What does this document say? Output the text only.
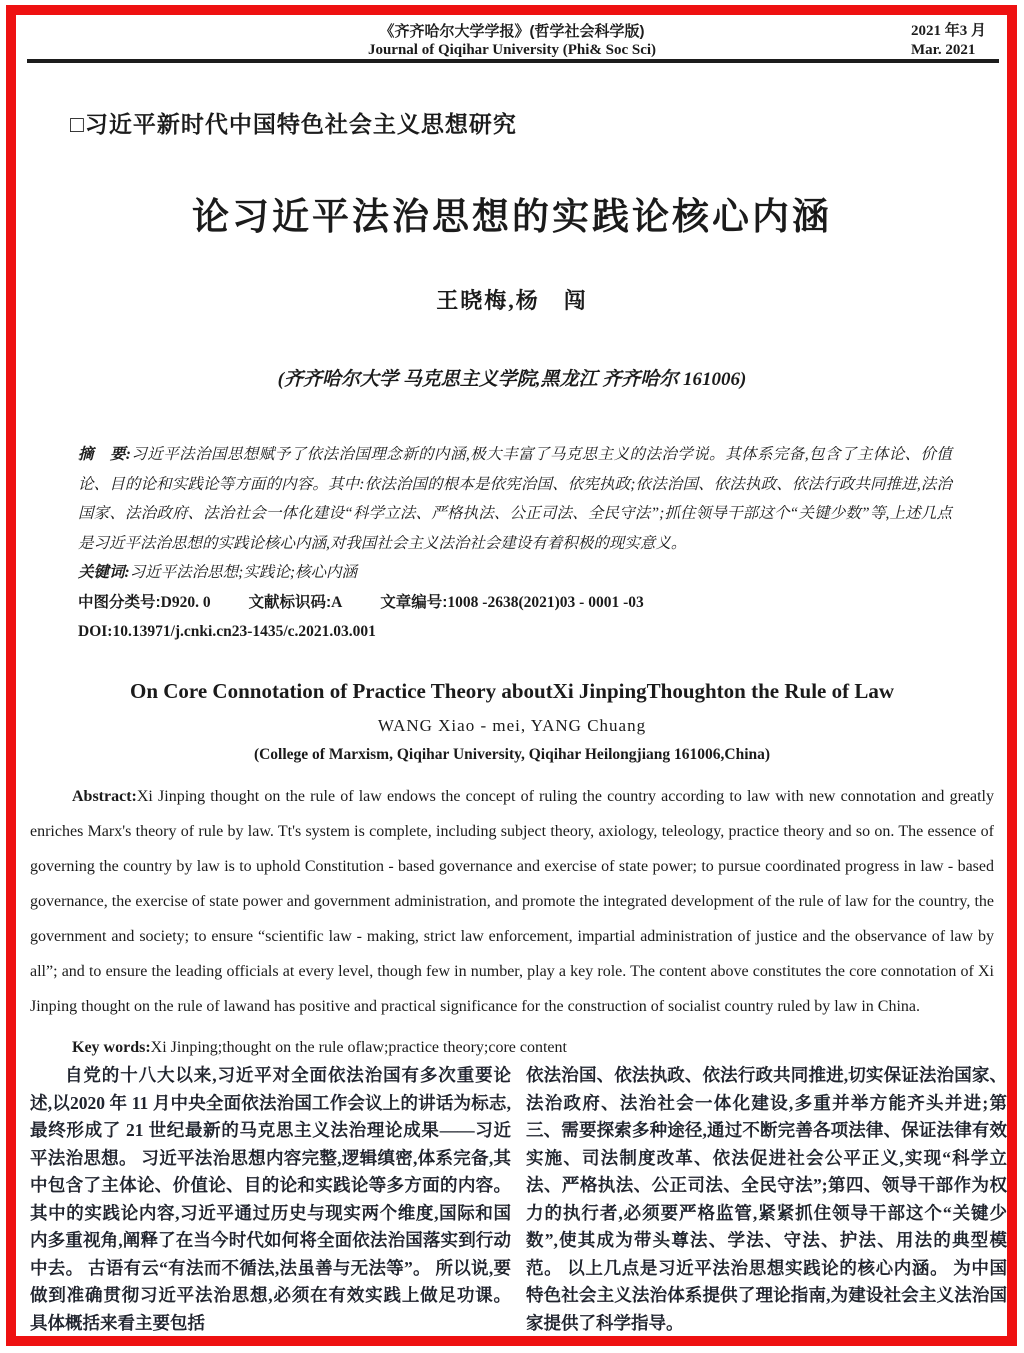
《齐齐哈尔大学学报》(哲学社会科学版)
Journal of Qiqihar University (Phi& Soc Sci)
2021 年3 月
Mar. 2021
□习近平新时代中国特色社会主义思想研究
论习近平法治思想的实践论核心内涵
王晓梅,杨　闯
(齐齐哈尔大学 马克思主义学院,黑龙江 齐齐哈尔 161006)

摘　要:习近平法治国思想赋予了依法治国理念新的内涵,极大丰富了马克思主义的法治学说。其体系完备,包含了主体论、价值论、目的论和实践论等方面的内容。其中:依法治国的根本是依宪治国、依宪执政;依法治国、依法执政、依法行政共同推进,法治国家、法治政府、法治社会一体化建设“科学立法、严格执法、公正司法、全民守法”;抓住领导干部这个“关键少数”等,上述几点是习近平法治思想的实践论核心内涵,对我国社会主义法治社会建设有着积极的现实意义。

关键词:习近平法治思想;实践论;核心内涵

中图分类号:D920. 0 文献标识码:A 文章编号:1008 -2638(2021)03 - 0001 -03

DOI:10.13971/j.cnki.cn23-1435/c.2021.03.001

On Core Connotation of Practice Theory aboutXi JinpingThoughton the Rule of Law
WANG Xiao - mei, YANG Chuang
(College of Marxism, Qiqihar University, Qiqihar Heilongjiang 161006,China)

Abstract:Xi Jinping thought on the rule of law endows the concept of ruling the country according to law with new connotation and greatly enriches Marx's theory of rule by law. Tt's system is complete, including subject theory, axiology, teleology, practice theory and so on. The essence of governing the country by law is to uphold Constitution - based governance and exercise of state power; to pursue coordinated progress in law - based governance, the exercise of state power and government administration, and promote the integrated development of the rule of law for the country, the government and society; to ensure “scientific law - making, strict law enforcement, impartial administration of justice and the observance of law by all”; and to ensure the leading officials at every level, though few in number, play a key role. The content above constitutes the core connotation of Xi Jinping thought on the rule of lawand has positive and practical significance for the construction of socialist country ruled by law in China.

Key words:Xi Jinping;thought on the rule oflaw;practice theory;core content

自党的十八大以来,习近平对全面依法治国有多次重要论述,以2020 年 11 月中央全面依法治国工作会议上的讲话为标志,最终形成了 21 世纪最新的马克思主义法治理论成果——习近平法治思想。 习近平法治思想内容完整,逻辑缜密,体系完备,其中包含了主体论、价值论、目的论和实践论等多方面的内容。 其中的实践论内容,习近平通过历史与现实两个维度,国际和国内多重视角,阐释了在当今时代如何将全面依法治国落实到行动中去。 古语有云“有法而不循法,法虽善与无法等”。 所以说,要做到准确贯彻习近平法治思想,必须在有效实践上做足功课。 具体概括来看主要包括

依法治国、依法执政、依法行政共同推进,切实保证法治国家、法治政府、法治社会一体化建设,多重并举方能齐头并进;第三、需要探索多种途径,通过不断完善各项法律、保证法律有效实施、司法制度改革、依法促进社会公平正义,实现“科学立法、严格执法、公正司法、全民守法”;第四、领导干部作为权力的执行者,必须要严格监管,紧紧抓住领导干部这个“关键少数”,使其成为带头尊法、学法、守法、护法、用法的典型模范。 以上几点是习近平法治思想实践论的核心内涵。 为中国特色社会主义法治体系提供了理论指南,为建设社会主义法治国家提供了科学指导。
